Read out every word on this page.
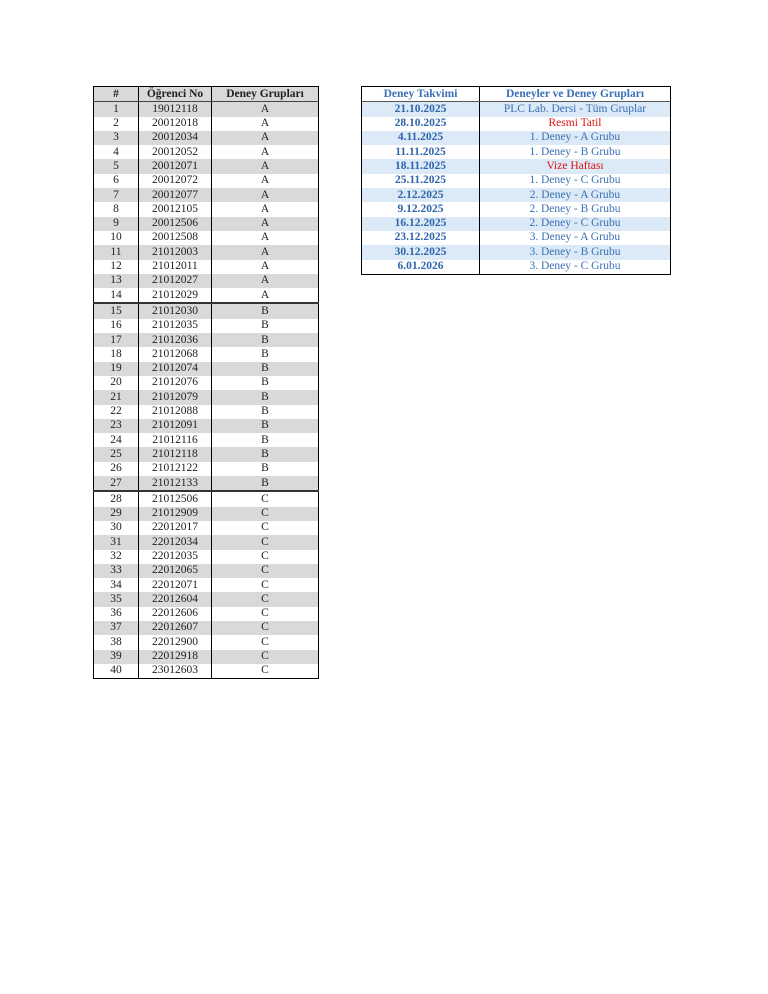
#	Öğrenci No	Deney Grupları
1	19012118	A
2	20012018	A
3	20012034	A
4	20012052	A
5	20012071	A
6	20012072	A
7	20012077	A
8	20012105	A
9	20012506	A
10	20012508	A
11	21012003	A
12	21012011	A
13	21012027	A
14	21012029	A
15	21012030	B
16	21012035	B
17	21012036	B
18	21012068	B
19	21012074	B
20	21012076	B
21	21012079	B
22	21012088	B
23	21012091	B
24	21012116	B
25	21012118	B
26	21012122	B
27	21012133	B
28	21012506	C
29	21012909	C
30	22012017	C
31	22012034	C
32	22012035	C
33	22012065	C
34	22012071	C
35	22012604	C
36	22012606	C
37	22012607	C
38	22012900	C
39	22012918	C
40	23012603	C
Deney Takvimi	Deneyler ve Deney Grupları
21.10.2025	PLC Lab. Dersi - Tüm Gruplar
28.10.2025	Resmi Tatil
4.11.2025	1. Deney - A Grubu
11.11.2025	1. Deney - B Grubu
18.11.2025	Vize Haftası
25.11.2025	1. Deney - C Grubu
2.12.2025	2. Deney - A Grubu
9.12.2025	2. Deney - B Grubu
16.12.2025	2. Deney - C Grubu
23.12.2025	3. Deney - A Grubu
30.12.2025	3. Deney - B Grubu
6.01.2026	3. Deney - C Grubu
